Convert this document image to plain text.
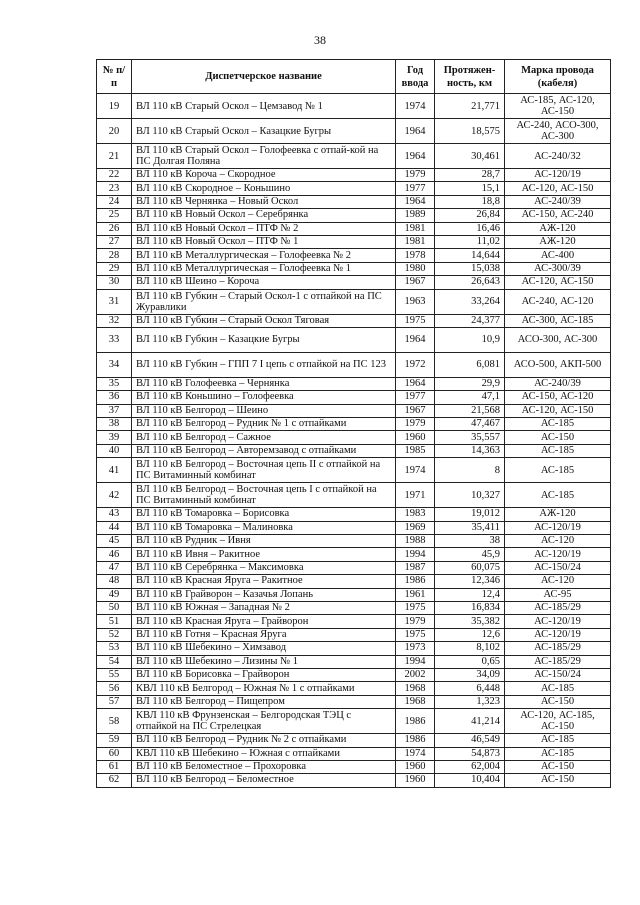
38
№ п/п	Диспетчерское название	Год ввода	Протяжен-ность, км	Марка провода (кабеля)
19	ВЛ 110 кВ Старый Оскол – Цемзавод № 1	1974	21,771	АС-185, АС-120, АС-150
20	ВЛ 110 кВ Старый Оскол – Казацкие Бугры	1964	18,575	АС-240, АСО-300, АС-300
21	ВЛ 110 кВ Старый Оскол – Голофеевка с отпай-кой на ПС Долгая Поляна	1964	30,461	АС-240/32
22	ВЛ 110 кВ Короча – Скородное	1979	28,7	АС-120/19
23	ВЛ 110 кВ Скородное – Коньшино	1977	15,1	АС-120, АС-150
24	ВЛ 110 кВ Чернянка – Новый Оскол	1964	18,8	АС-240/39
25	ВЛ 110 кВ Новый Оскол – Серебрянка	1989	26,84	АС-150, АС-240
26	ВЛ 110 кВ Новый Оскол – ПТФ № 2	1981	16,46	АЖ-120
27	ВЛ 110 кВ Новый Оскол – ПТФ № 1	1981	11,02	АЖ-120
28	ВЛ 110 кВ Металлургическая – Голофеевка № 2	1978	14,644	АС-400
29	ВЛ 110 кВ Металлургическая – Голофеевка № 1	1980	15,038	АС-300/39
30	ВЛ 110 кВ Шеино – Короча	1967	26,643	АС-120, АС-150
31	ВЛ 110 кВ Губкин – Старый Оскол-1 с отпайкой на ПС Журавлики	1963	33,264	АС-240, АС-120
32	ВЛ 110 кВ Губкин – Старый Оскол Тяговая	1975	24,377	АС-300, АС-185
33	ВЛ 110 кВ Губкин – Казацкие Бугры	1964	10,9	АСО-300, АС-300
34	ВЛ 110 кВ Губкин – ГПП 7 I цепь с отпайкой на ПС 123	1972	6,081	АСО-500, АКП-500
35	ВЛ 110 кВ Голофеевка – Чернянка	1964	29,9	АС-240/39
36	ВЛ 110 кВ Коньшино – Голофеевка	1977	47,1	АС-150, АС-120
37	ВЛ 110 кВ Белгород – Шеино	1967	21,568	АС-120, АС-150
38	ВЛ 110 кВ Белгород – Рудник № 1 с отпайками	1979	47,467	АС-185
39	ВЛ 110 кВ Белгород – Сажное	1960	35,557	АС-150
40	ВЛ 110 кВ Белгород – Авторемзавод с отпайками	1985	14,363	АС-185
41	ВЛ 110 кВ Белгород – Восточная цепь II с отпайкой на ПС Витаминный комбинат	1974	8	АС-185
42	ВЛ 110 кВ Белгород – Восточная цепь I с отпайкой на ПС Витаминный комбинат	1971	10,327	АС-185
43	ВЛ 110 кВ Томаровка – Борисовка	1983	19,012	АЖ-120
44	ВЛ 110 кВ Томаровка – Малиновка	1969	35,411	АС-120/19
45	ВЛ 110 кВ Рудник – Ивня	1988	38	АС-120
46	ВЛ 110 кВ Ивня – Ракитное	1994	45,9	АС-120/19
47	ВЛ 110 кВ Серебрянка – Максимовка	1987	60,075	АС-150/24
48	ВЛ 110 кВ Красная Яруга – Ракитное	1986	12,346	АС-120
49	ВЛ 110 кВ Грайворон – Казачья Лопань	1961	12,4	АС-95
50	ВЛ 110 кВ Южная – Западная № 2	1975	16,834	АС-185/29
51	ВЛ 110 кВ Красная Яруга – Грайворон	1979	35,382	АС-120/19
52	ВЛ 110 кВ Готня – Красная Яруга	1975	12,6	АС-120/19
53	ВЛ 110 кВ Шебекино – Химзавод	1973	8,102	АС-185/29
54	ВЛ 110 кВ Шебекино – Лизины № 1	1994	0,65	АС-185/29
55	ВЛ 110 кВ Борисовка – Грайворон	2002	34,09	АС-150/24
56	КВЛ 110 кВ Белгород – Южная № 1 с отпайками	1968	6,448	АС-185
57	ВЛ 110 кВ Белгород – Пищепром	1968	1,323	АС-150
58	КВЛ 110 кВ Фрунзенская – Белгородская ТЭЦ с отпайкой на ПС Стрелецкая	1986	41,214	АС-120, АС-185, АС-150
59	ВЛ 110 кВ Белгород – Рудник № 2 с отпайками	1986	46,549	АС-185
60	КВЛ 110 кВ Шебекино – Южная с отпайками	1974	54,873	АС-185
61	ВЛ 110 кВ Беломестное – Прохоровка	1960	62,004	АС-150
62	ВЛ 110 кВ Белгород – Беломестное	1960	10,404	АС-150
